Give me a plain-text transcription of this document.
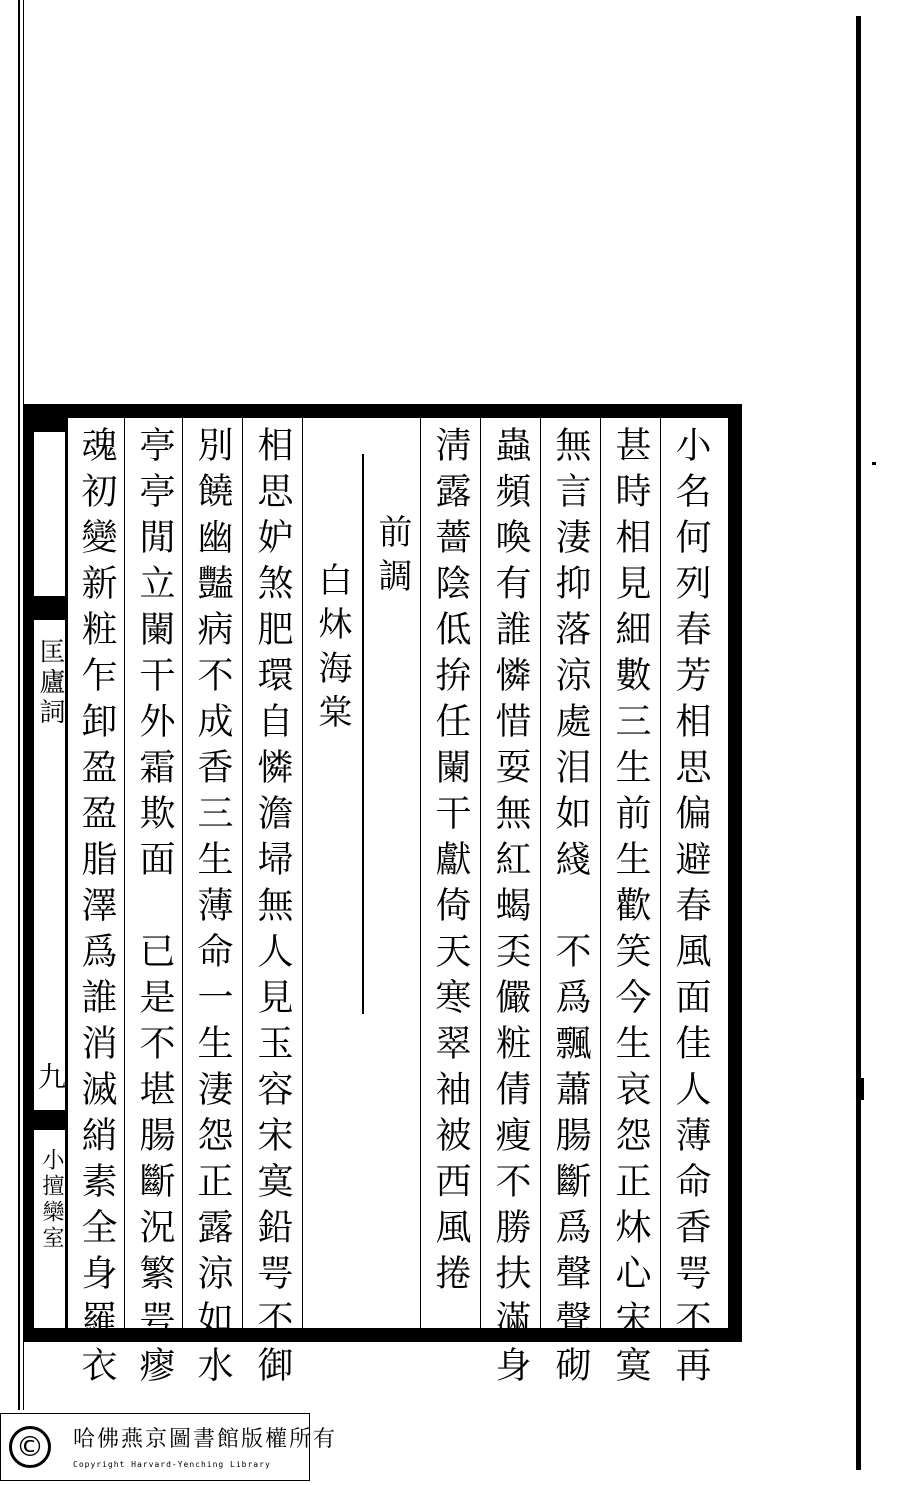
匡廬詞
九
小擅欒室	小名何列春芳相思偏避春風面佳人薄命香咢不再
甚時相見細數三生前生歡笑今生哀怨正炑心宋寞
無言淒抑落涼處泪如綫　不爲飄蕭腸斷爲聲聲砌
蟲頻喚有誰憐惜耍無紅蝎奀儼粧倩瘦不勝扶滿身
淸露薔陰低拚任闌干獻倚天寒翠袖被西風捲
前調
白炑海棠
相思妒煞肥環自憐澹埽無人見玉容宋寞鉛咢不御
別饒幽豔病不成香三生薄命一生淒怨正露涼如水
亭亭閒立闌干外霜欺面　已是不堪腸斷況繁咢瘳
魂初變新粧乍卸盈盈脂澤爲誰消滅綃素全身羅衣
©	哈佛燕京圖書館版權所有
Copyright Harvard-Yenching Library
